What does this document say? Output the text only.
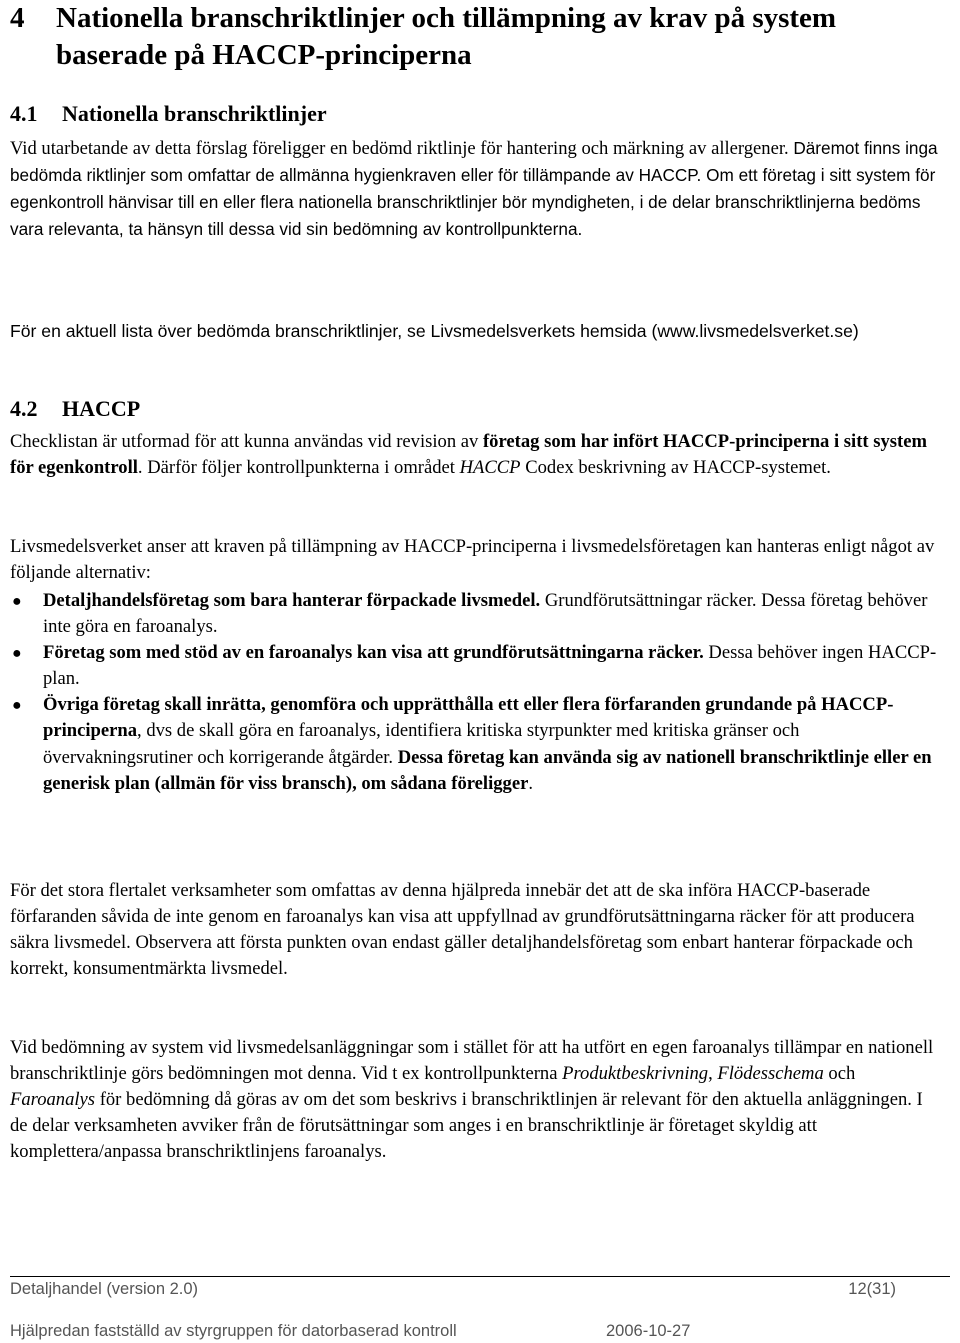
4 Nationella branschriktlinjer och tillämpning av krav på system baserade på HACCP-principerna
4.1 Nationella branschriktlinjer

Vid utarbetande av detta förslag föreligger en bedömd riktlinje för hantering och märkning av allergener. Däremot finns inga bedömda riktlinjer som omfattar de allmänna hygienkraven eller för tillämpande av HACCP. Om ett företag i sitt system för egenkontroll hänvisar till en eller flera nationella branschriktlinjer bör myndigheten, i de delar branschriktlinjerna bedöms vara relevanta, ta hänsyn till dessa vid sin bedömning av kontrollpunkterna.

För en aktuell lista över bedömda branschriktlinjer, se Livsmedelsverkets hemsida (www.livsmedelsverket.se)

4.2 HACCP

Checklistan är utformad för att kunna användas vid revision av företag som har infört HACCP-principerna i sitt system för egenkontroll. Därför följer kontrollpunkterna i området HACCP Codex beskrivning av HACCP-systemet.

Livsmedelsverket anser att kraven på tillämpning av HACCP-principerna i livsmedelsföretagen kan hanteras enligt något av följande alternativ:

● Detaljhandelsföretag som bara hanterar förpackade livsmedel. Grundförutsättningar räcker. Dessa företag behöver inte göra en faroanalys.
● Företag som med stöd av en faroanalys kan visa att grundförutsättningarna räcker. Dessa behöver ingen HACCP-plan.
● Övriga företag skall inrätta, genomföra och upprätthålla ett eller flera förfaranden grundande på HACCP-principerna, dvs de skall göra en faroanalys, identifiera kritiska styrpunkter med kritiska gränser och övervakningsrutiner och korrigerande åtgärder. Dessa företag kan använda sig av nationell branschriktlinje eller en generisk plan (allmän för viss bransch), om sådana föreligger.

För det stora flertalet verksamheter som omfattas av denna hjälpreda innebär det att de ska införa HACCP-baserade förfaranden såvida de inte genom en faroanalys kan visa att uppfyllnad av grundförutsättningarna räcker för att producera säkra livsmedel. Observera att första punkten ovan endast gäller detaljhandelsföretag som enbart hanterar förpackade och korrekt, konsumentmärkta livsmedel.

Vid bedömning av system vid livsmedelsanläggningar som i stället för att ha utfört en egen faroanalys tillämpar en nationell branschriktlinje görs bedömningen mot denna. Vid t ex kontrollpunkterna Produktbeskrivning, Flödesschema och Faroanalys för bedömning då göras av om det som beskrivs i branschriktlinjen är relevant för den aktuella anläggningen. I de delar verksamheten avviker från de förutsättningar som anges i en branschriktlinje är företaget skyldig att komplettera/anpassa branschriktlinjens faroanalys.

Detaljhandel (version 2.0)	12(31)
Hjälpredan fastställd av styrgruppen för datorbaserad kontroll	2006-10-27
